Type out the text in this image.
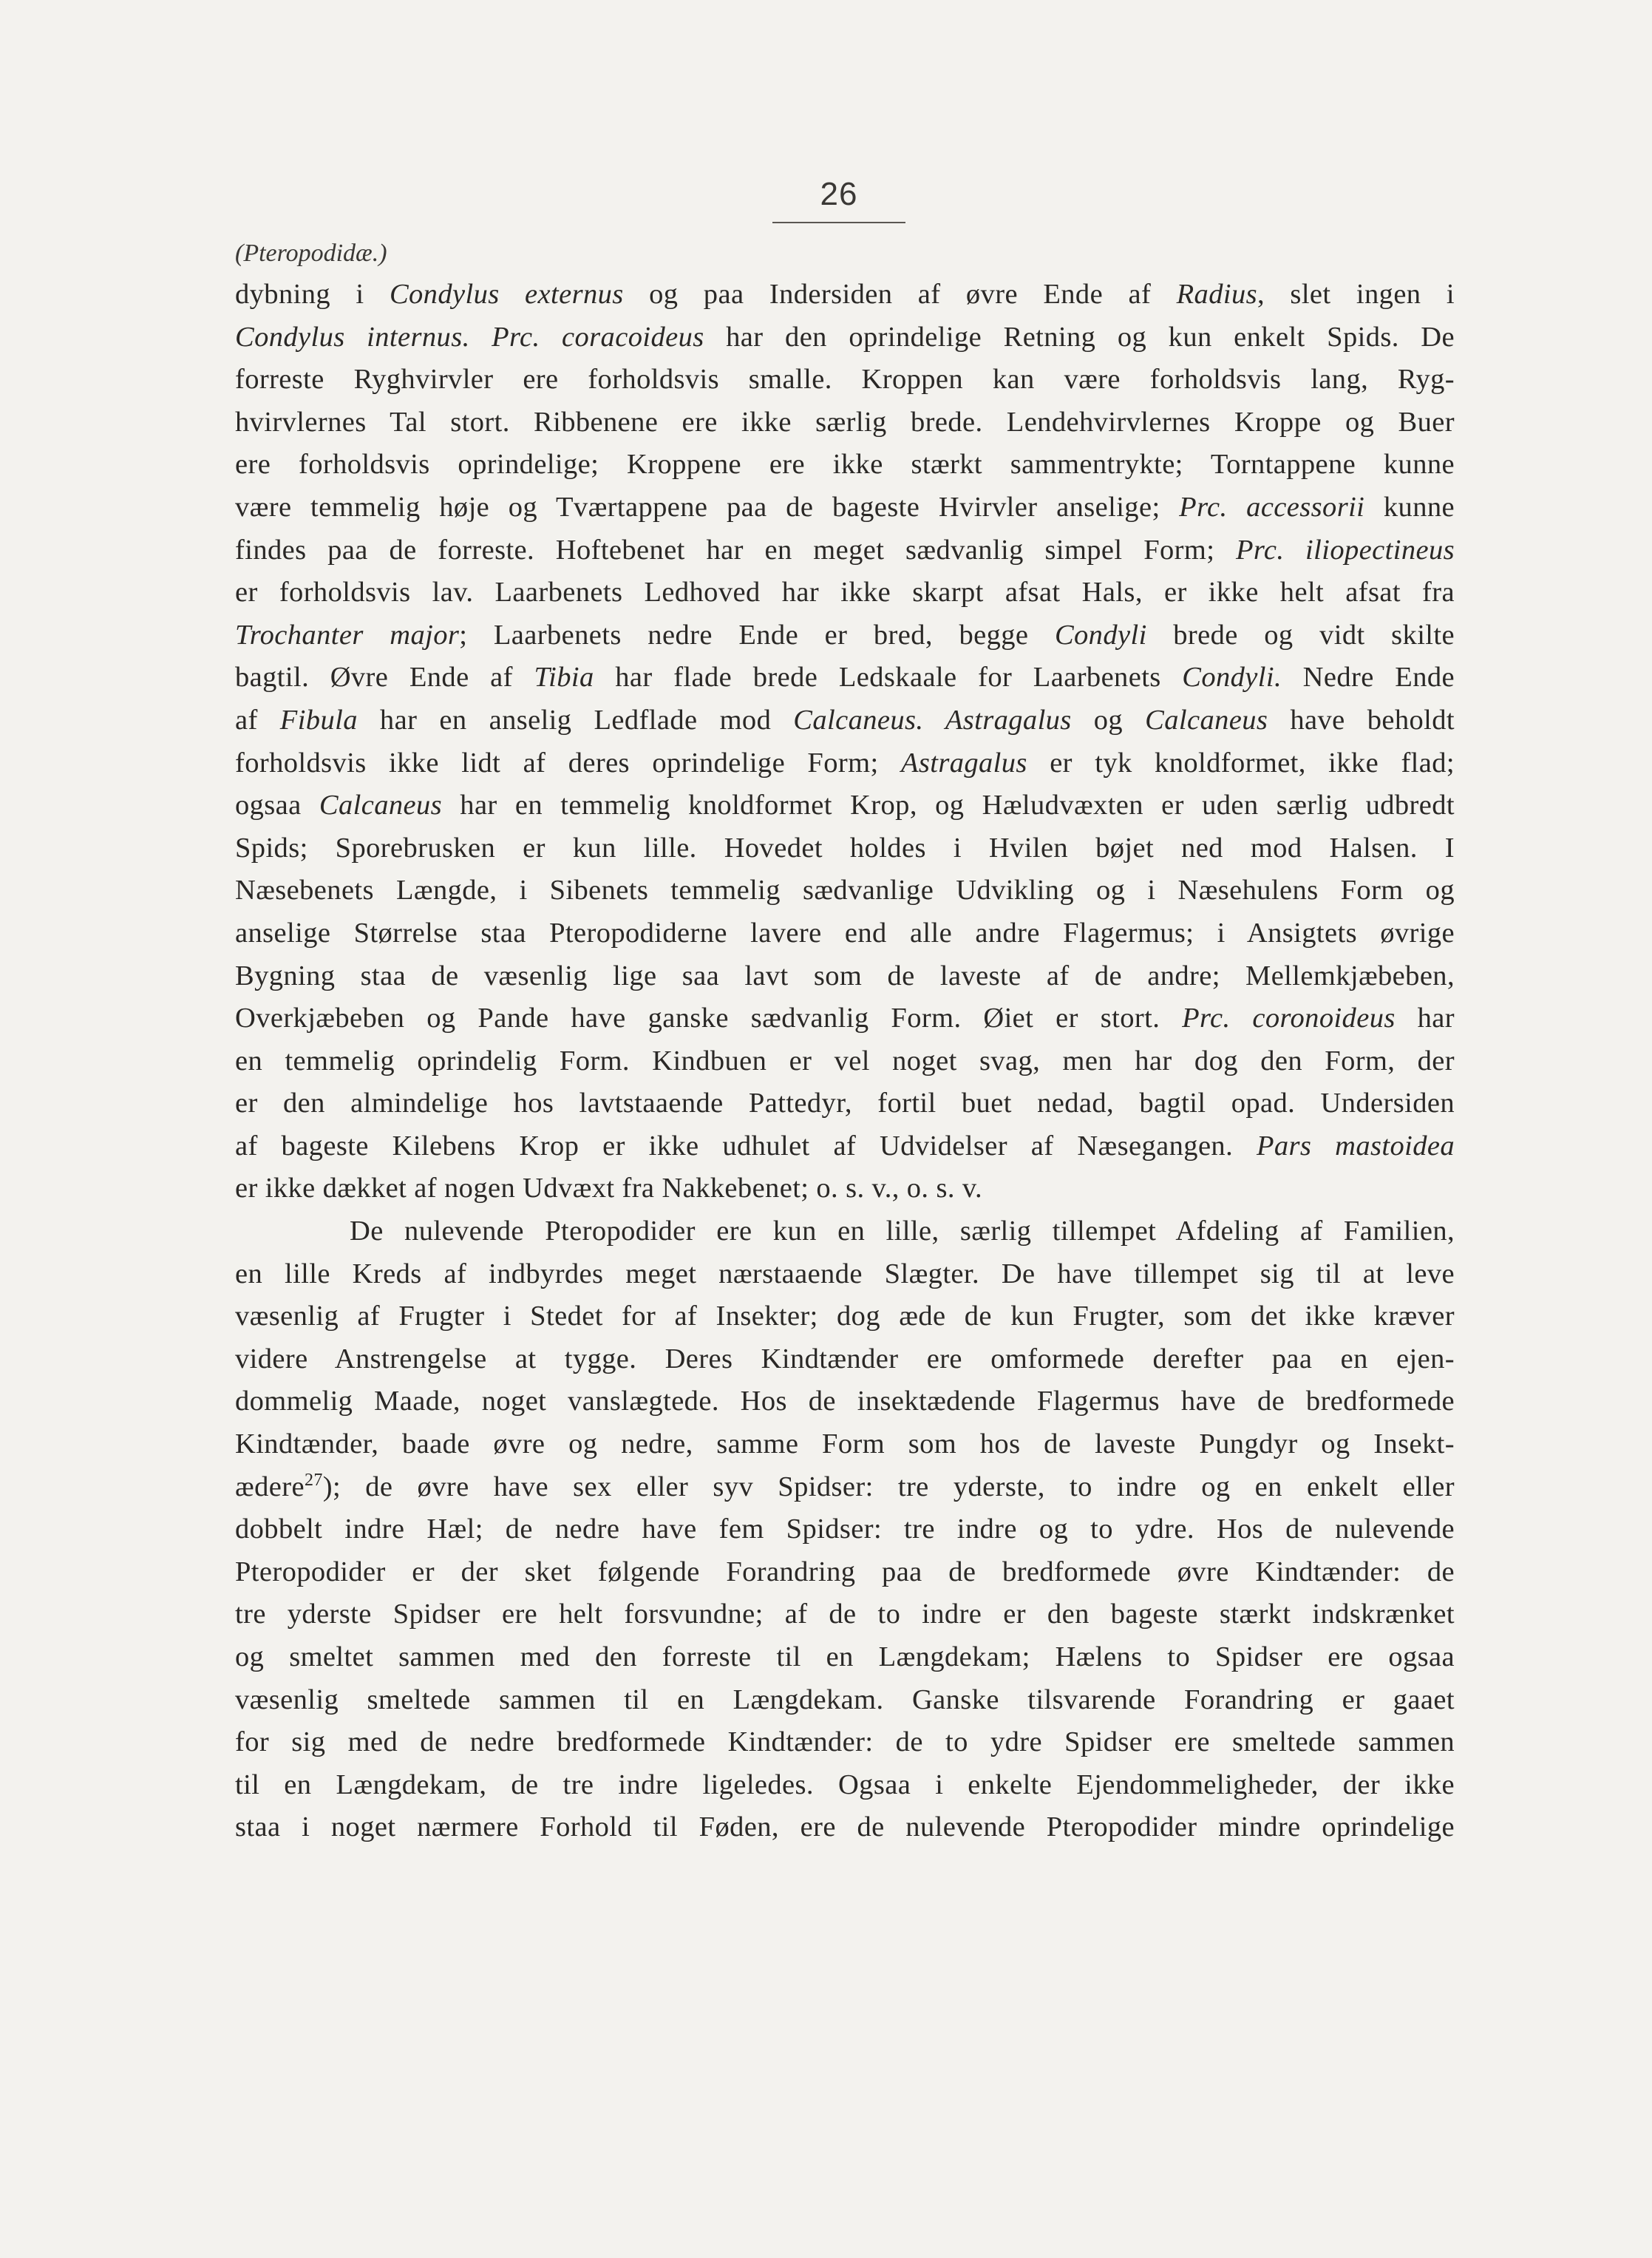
26
(Pteropodidæ.)
dybning i Condylus externus og paa Indersiden af øvre Ende af Radius, slet ingen i
Condylus internus. Prc. coracoideus har den oprindelige Retning og kun enkelt Spids. De
forreste Ryghvirvler ere forholdsvis smalle. Kroppen kan være forholdsvis lang, Ryg-
hvirvlernes Tal stort. Ribbenene ere ikke særlig brede. Lendehvirvlernes Kroppe og Buer
ere forholdsvis oprindelige; Kroppene ere ikke stærkt sammentrykte; Torntappene kunne
være temmelig høje og Tværtappene paa de bageste Hvirvler anselige; Prc. accessorii kunne
findes paa de forreste. Hoftebenet har en meget sædvanlig simpel Form; Prc. iliopectineus
er forholdsvis lav. Laarbenets Ledhoved har ikke skarpt afsat Hals, er ikke helt afsat fra
Trochanter major; Laarbenets nedre Ende er bred, begge Condyli brede og vidt skilte
bagtil. Øvre Ende af Tibia har flade brede Ledskaale for Laarbenets Condyli. Nedre Ende
af Fibula har en anselig Ledflade mod Calcaneus. Astragalus og Calcaneus have beholdt
forholdsvis ikke lidt af deres oprindelige Form; Astragalus er tyk knoldformet, ikke flad;
ogsaa Calcaneus har en temmelig knoldformet Krop, og Hæludvæxten er uden særlig udbredt
Spids; Sporebrusken er kun lille. Hovedet holdes i Hvilen bøjet ned mod Halsen. I
Næsebenets Længde, i Sibenets temmelig sædvanlige Udvikling og i Næsehulens Form og
anselige Størrelse staa Pteropodiderne lavere end alle andre Flagermus; i Ansigtets øvrige
Bygning staa de væsenlig lige saa lavt som de laveste af de andre; Mellemkjæbeben,
Overkjæbeben og Pande have ganske sædvanlig Form. Øiet er stort. Prc. coronoideus har
en temmelig oprindelig Form. Kindbuen er vel noget svag, men har dog den Form, der
er den almindelige hos lavtstaaende Pattedyr, fortil buet nedad, bagtil opad. Undersiden
af bageste Kilebens Krop er ikke udhulet af Udvidelser af Næsegangen. Pars mastoidea
er ikke dækket af nogen Udvæxt fra Nakkebenet; o. s. v., o. s. v.
De nulevende Pteropodider ere kun en lille, særlig tillempet Afdeling af Familien,
en lille Kreds af indbyrdes meget nærstaaende Slægter. De have tillempet sig til at leve
væsenlig af Frugter i Stedet for af Insekter; dog æde de kun Frugter, som det ikke kræver
videre Anstrengelse at tygge. Deres Kindtænder ere omformede derefter paa en ejen-
dommelig Maade, noget vanslægtede. Hos de insektædende Flagermus have de bredformede
Kindtænder, baade øvre og nedre, samme Form som hos de laveste Pungdyr og Insekt-
ædere$^{27}$); de øvre have sex eller syv Spidser: tre yderste, to indre og en enkelt eller
dobbelt indre Hæl; de nedre have fem Spidser: tre indre og to ydre. Hos de nulevende
Pteropodider er der sket følgende Forandring paa de bredformede øvre Kindtænder: de
tre yderste Spidser ere helt forsvundne; af de to indre er den bageste stærkt indskrænket
og smeltet sammen med den forreste til en Længdekam; Hælens to Spidser ere ogsaa
væsenlig smeltede sammen til en Længdekam. Ganske tilsvarende Forandring er gaaet
for sig med de nedre bredformede Kindtænder: de to ydre Spidser ere smeltede sammen
til en Længdekam, de tre indre ligeledes. Ogsaa i enkelte Ejendommeligheder, der ikke
staa i noget nærmere Forhold til Føden, ere de nulevende Pteropodider mindre oprindelige
